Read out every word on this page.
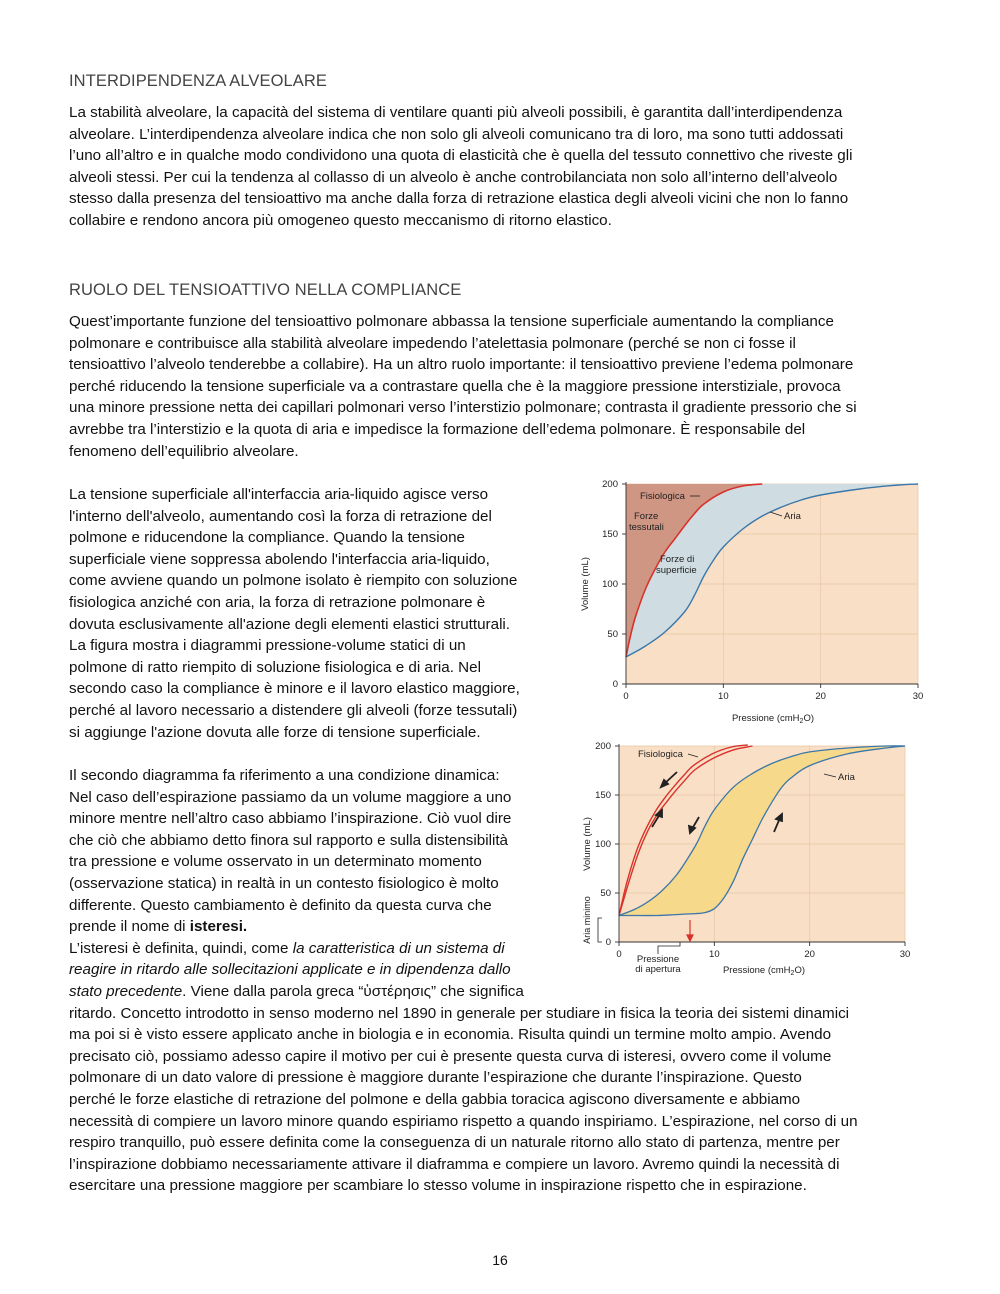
INTERDIPENDENZA ALVEOLARE
La stabilità alveolare, la capacità del sistema di ventilare quanti più alveoli possibili, è garantita dall’interdipendenza
alveolare. L’interdipendenza alveolare indica che non solo gli alveoli comunicano tra di loro, ma sono tutti addossati
l’uno all’altro e in qualche modo condividono una quota di elasticità che è quella del tessuto connettivo che riveste gli
alveoli stessi. Per cui la tendenza al collasso di un alveolo è anche controbilanciata non solo all’interno dell’alveolo
stesso dalla presenza del tensioattivo ma anche dalla forza di retrazione elastica degli alveoli vicini che non lo fanno
collabire e rendono ancora più omogeneo questo meccanismo di ritorno elastico.
RUOLO DEL TENSIOATTIVO NELLA COMPLIANCE
Quest’importante funzione del tensioattivo polmonare abbassa la tensione superficiale aumentando la compliance
polmonare e contribuisce alla stabilità alveolare impedendo l’atelettasia polmonare (perché se non ci fosse il
tensioattivo l’alveolo tenderebbe a collabire). Ha un altro ruolo importante: il tensioattivo previene l’edema polmonare
perché riducendo la tensione superficiale va a contrastare quella che è la maggiore pressione interstiziale, provoca
una minore pressione netta dei capillari polmonari verso l’interstizio polmonare; contrasta il gradiente pressorio che si
avrebbe tra l’interstizio e la quota di aria e impedisce la formazione dell’edema polmonare. È responsabile del
fenomeno dell’equilibrio alveolare.
La tensione superficiale all'interfaccia aria-liquido agisce verso
l'interno dell'alveolo, aumentando così la forza di retrazione del
polmone e riducendone la compliance. Quando la tensione
superficiale viene soppressa abolendo l'interfaccia aria-liquido,
come avviene quando un polmone isolato è riempito con soluzione
fisiologica anziché con aria, la forza di retrazione polmonare è
dovuta esclusivamente all'azione degli elementi elastici strutturali.
La figura mostra i diagrammi pressione-volume statici di un
polmone di ratto riempito di soluzione fisiologica e di aria. Nel
secondo caso la compliance è minore e il lavoro elastico maggiore,
perché al lavoro necessario a distendere gli alveoli (forze tessutali)
si aggiunge l'azione dovuta alle forze di tensione superficiale.
Il secondo diagramma fa riferimento a una condizione dinamica:
Nel caso dell’espirazione passiamo da un volume maggiore a uno
minore mentre nell’altro caso abbiamo l’inspirazione. Ciò vuol dire
che ciò che abbiamo detto finora sul rapporto e sulla distensibilità
tra pressione e volume osservato in un determinato momento
(osservazione statica) in realtà in un contesto fisiologico è molto
differente. Questo cambiamento è definito da questa curva che
prende il nome di isteresi.
L’isteresi è definita, quindi, come la caratteristica di un sistema di
reagire in ritardo alle sollecitazioni applicate e in dipendenza dallo
stato precedente. Viene dalla parola greca “ὑστέρησις” che significa
ritardo. Concetto introdotto in senso moderno nel 1890 in generale per studiare in fisica la teoria dei sistemi dinamici
ma poi si è visto essere applicato anche in biologia e in economia. Risulta quindi un termine molto ampio. Avendo
precisato ciò, possiamo adesso capire il motivo per cui è presente questa curva di isteresi, ovvero come il volume
polmonare di un dato valore di pressione è maggiore durante l’espirazione che durante l’inspirazione. Questo
perché le forze elastiche di retrazione del polmone e della gabbia toracica agiscono diversamente e abbiamo
necessità di compiere un lavoro minore quando espiriamo rispetto a quando inspiriamo. L’espirazione, nel corso di un
respiro tranquillo, può essere definita come la conseguenza di un naturale ritorno allo stato di partenza, mentre per
l’inspirazione dobbiamo necessariamente attivare il diaframma e compiere un lavoro. Avremo quindi la necessità di
esercitare una pressione maggiore per scambiare lo stesso volume in inspirazione rispetto che in espirazione.
0
50
100
150
200
0	10	20	30
Volume (mL)
Pressione (cmH$_2$O)
Fisiologica
Forze
tessutali
Aria
Forze di
superficie
0
50
100
150
200
0	10	20	30
Volume (mL)
Aria minimo
Pressione (cmH$_2$O)
Pressione
di apertura
Fisiologica
Aria
16
